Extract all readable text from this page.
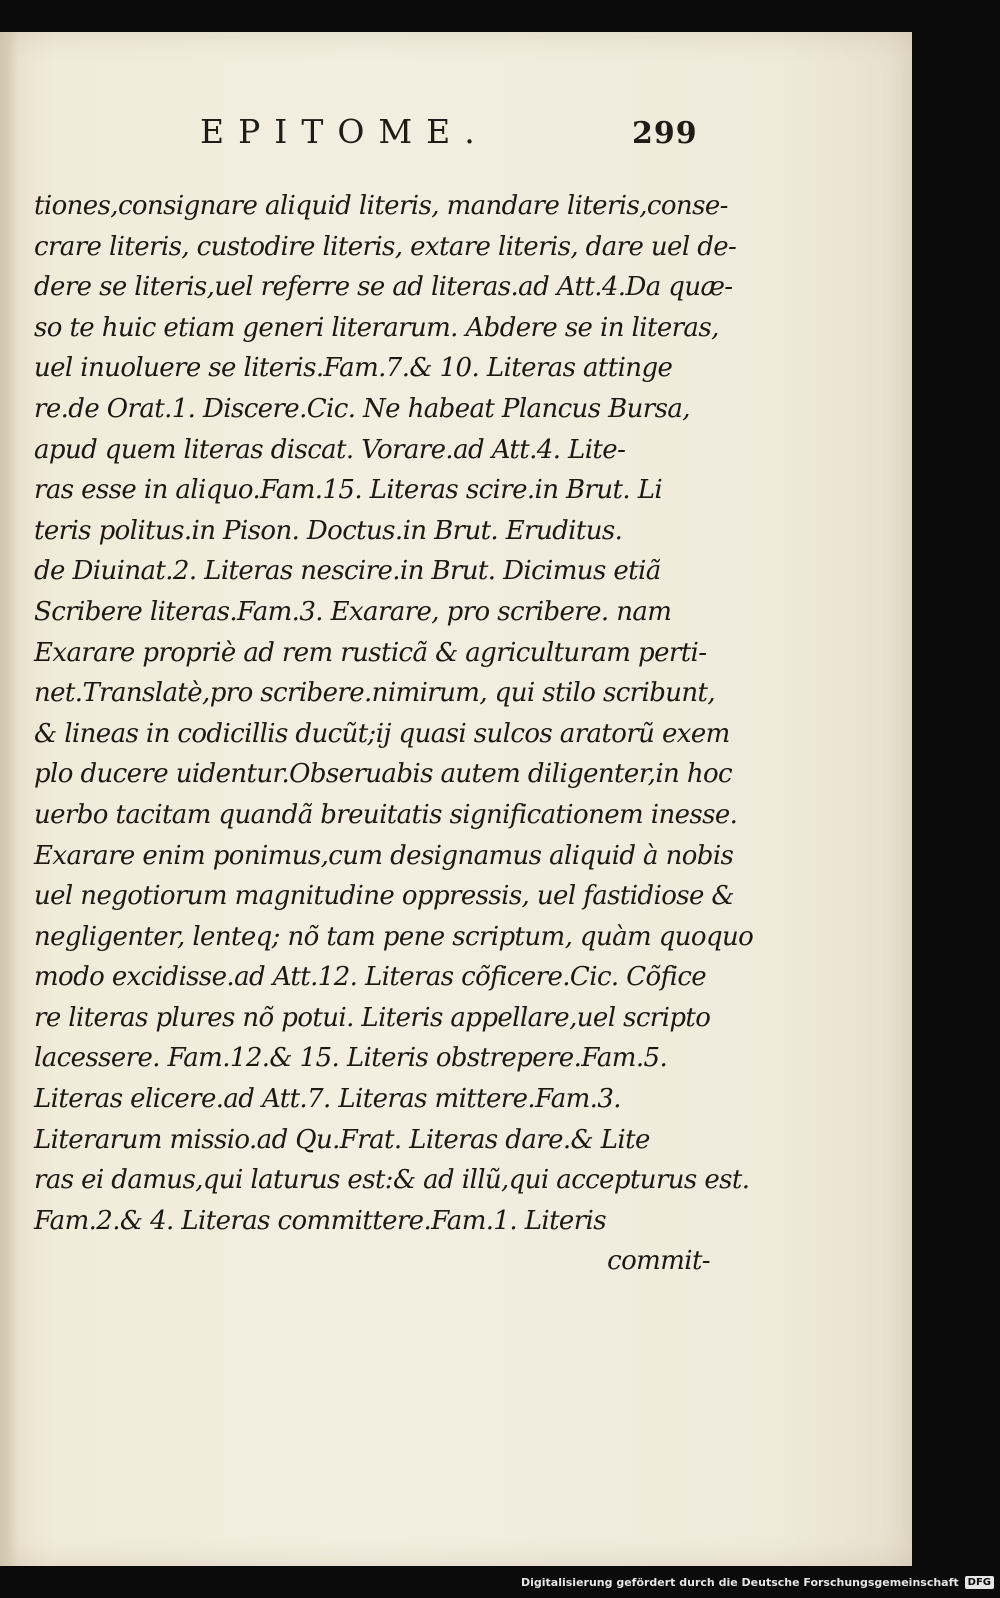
EPITOME.	299
tiones,consignare aliquid literis, mandare literis,conse-
crare literis, custodire literis, extare literis, dare uel de-
dere se literis,uel referre se ad literas.ad Att.4.Da quæ-
so te huic etiam generi literarum. Abdere se in literas,
uel inuoluere se literis.Fam.7.& 10. Literas attinge
re.de Orat.1. Discere.Cic. Ne habeat Plancus Bursa,
apud quem literas discat. Vorare.ad Att.4. Lite-
ras esse in aliquo.Fam.15. Literas scire.in Brut. Li
teris politus.in Pison. Doctus.in Brut. Eruditus.
de Diuinat.2. Literas nescire.in Brut. Dicimus etiã
Scribere literas.Fam.3. Exarare, pro scribere. nam
Exarare propriè ad rem rusticã & agriculturam perti-
net.Translatè,pro scribere.nimirum, qui stilo scribunt,
& lineas in codicillis ducũt;ij quasi sulcos aratorũ exem
plo ducere uidentur.Obseruabis autem diligenter,in hoc
uerbo tacitam quandã breuitatis significationem inesse.
Exarare enim ponimus,cum designamus aliquid à nobis
uel negotiorum magnitudine oppressis, uel fastidiose &
negligenter, lenteq; nõ tam pene scriptum, quàm quoquo
modo excidisse.ad Att.12. Literas cõficere.Cic. Cõfice
re literas plures nõ potui. Literis appellare,uel scripto
lacessere. Fam.12.& 15. Literis obstrepere.Fam.5.
Literas elicere.ad Att.7. Literas mittere.Fam.3.
Literarum missio.ad Qu.Frat. Literas dare.& Lite
ras ei damus,qui laturus est:& ad illũ,qui accepturus est.
Fam.2.& 4. Literas committere.Fam.1. Literis
commit-
Digitalisierung gefördert durch die Deutsche Forschungsgemeinschaft DFG
